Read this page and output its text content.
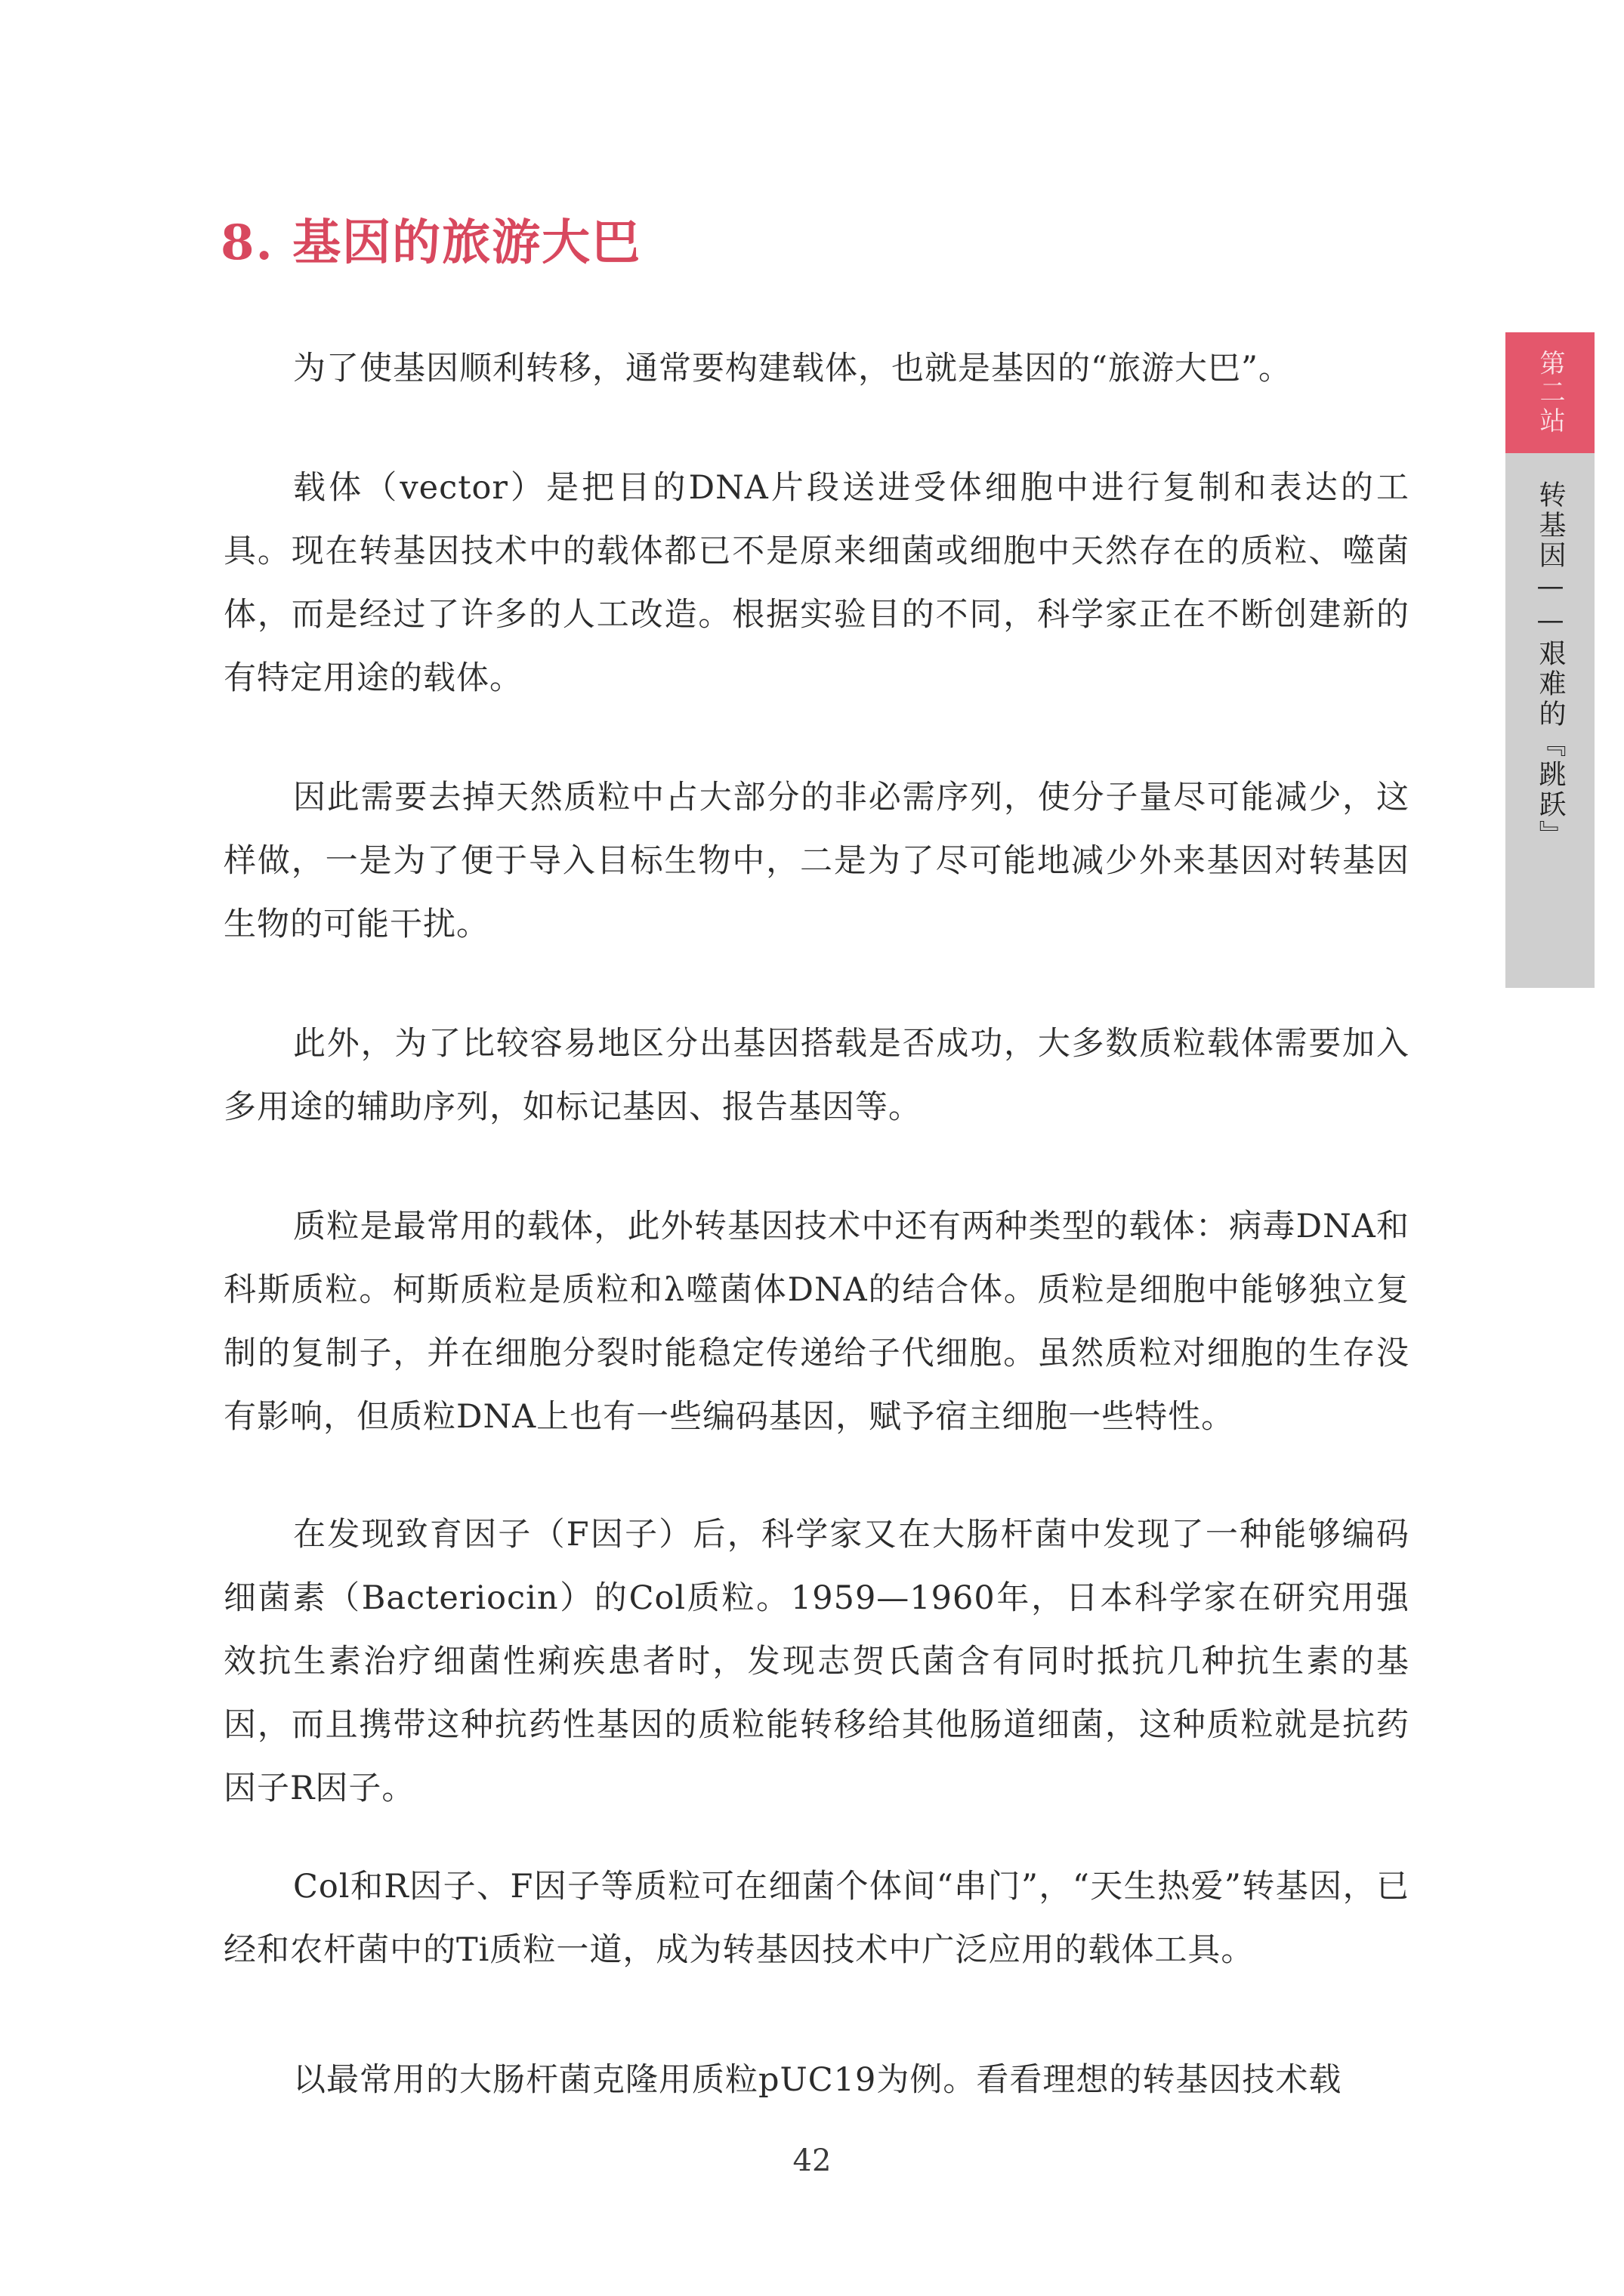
8. 基因的旅游大巴

为了使基因顺利转移，通常要构建载体，也就是基因的“旅游大巴”。

载体（vector）是把目的DNA片段送进受体细胞中进行复制和表达的工具。现在转基因技术中的载体都已不是原来细菌或细胞中天然存在的质粒、噬菌体，而是经过了许多的人工改造。根据实验目的不同，科学家正在不断创建新的有特定用途的载体。

因此需要去掉天然质粒中占大部分的非必需序列，使分子量尽可能减少，这样做，一是为了便于导入目标生物中，二是为了尽可能地减少外来基因对转基因生物的可能干扰。

此外，为了比较容易地区分出基因搭载是否成功，大多数质粒载体需要加入多用途的辅助序列，如标记基因、报告基因等。

质粒是最常用的载体，此外转基因技术中还有两种类型的载体：病毒DNA和科斯质粒。柯斯质粒是质粒和λ噬菌体DNA的结合体。质粒是细胞中能够独立复制的复制子，并在细胞分裂时能稳定传递给子代细胞。虽然质粒对细胞的生存没有影响，但质粒DNA上也有一些编码基因，赋予宿主细胞一些特性。

在发现致育因子（F因子）后，科学家又在大肠杆菌中发现了一种能够编码细菌素（Bacteriocin）的Col质粒。1959—1960年，日本科学家在研究用强效抗生素治疗细菌性痢疾患者时，发现志贺氏菌含有同时抵抗几种抗生素的基因，而且携带这种抗药性基因的质粒能转移给其他肠道细菌，这种质粒就是抗药因子R因子。

Col和R因子、F因子等质粒可在细菌个体间“串门”，“天生热爱”转基因，已经和农杆菌中的Ti质粒一道，成为转基因技术中广泛应用的载体工具。

以最常用的大肠杆菌克隆用质粒pUC19为例。看看理想的转基因技术载

42
第二站
转基因——艰难的『跳跃』
